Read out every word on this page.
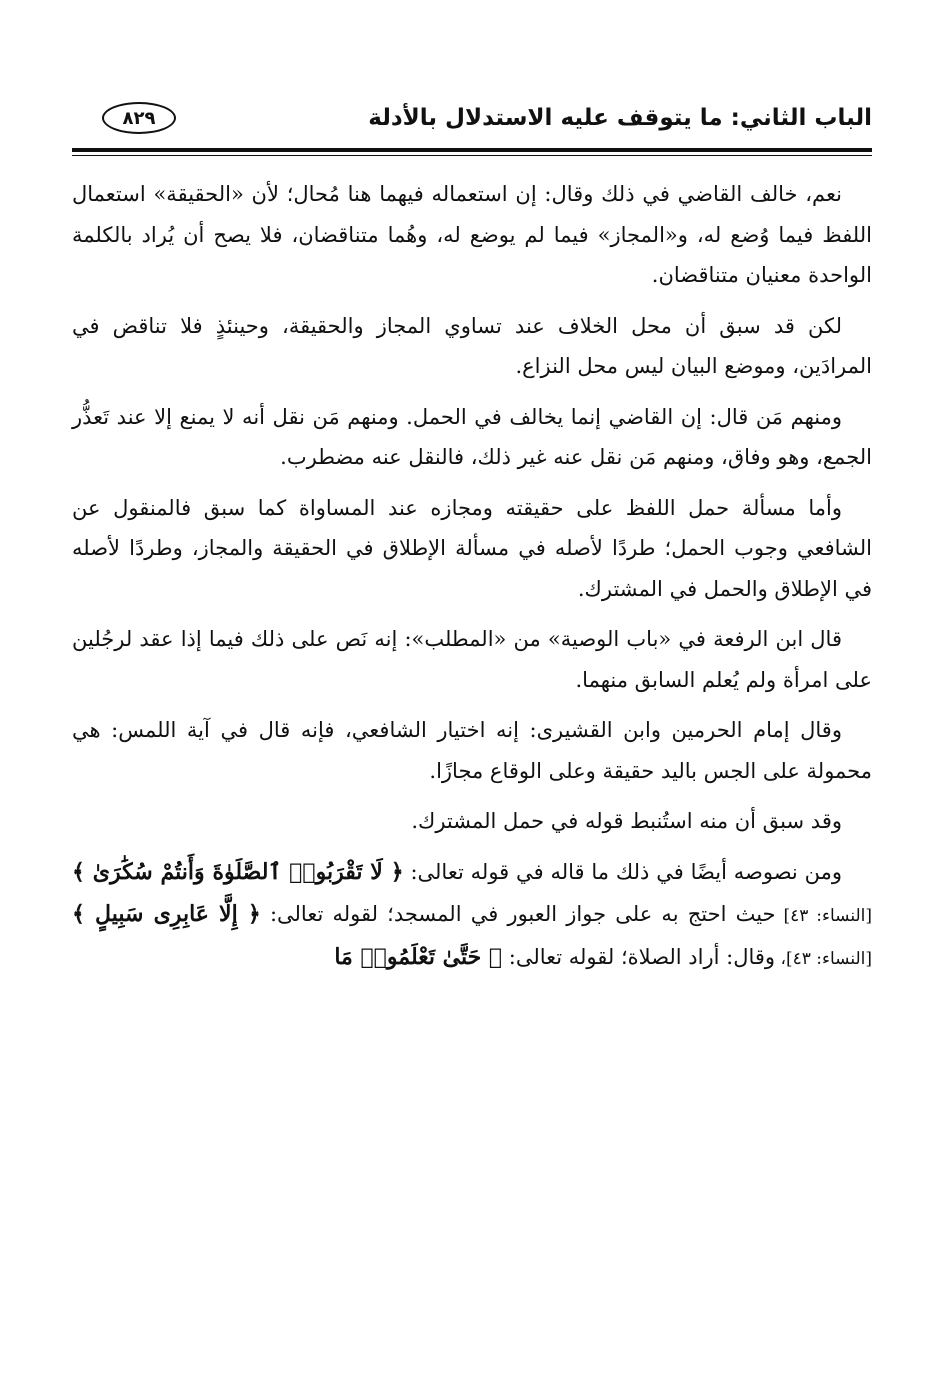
الباب الثاني: ما يتوقف عليه الاستدلال بالأدلة
٨٢٩

نعم، خالف القاضي في ذلك وقال: إن استعماله فيهما هنا مُحال؛ لأن «الحقيقة» استعمال اللفظ فيما وُضع له، و«المجاز» فيما لم يوضع له، وهُما متناقضان، فلا يصح أن يُراد بالكلمة الواحدة معنيان متناقضان.

لكن قد سبق أن محل الخلاف عند تساوي المجاز والحقيقة، وحينئذٍ فلا تناقض في المرادَين، وموضع البيان ليس محل النزاع.

ومنهم مَن قال: إن القاضي إنما يخالف في الحمل. ومنهم مَن نقل أنه لا يمنع إلا عند تَعذُّر الجمع، وهو وفاق، ومنهم مَن نقل عنه غير ذلك، فالنقل عنه مضطرب.

وأما مسألة حمل اللفظ على حقيقته ومجازه عند المساواة كما سبق فالمنقول عن الشافعي وجوب الحمل؛ طردًا لأصله في مسألة الإطلاق في الحقيقة والمجاز، وطردًا لأصله في الإطلاق والحمل في المشترك.

قال ابن الرفعة في «باب الوصية» من «المطلب»: إنه نَص على ذلك فيما إذا عقد لرجُلين على امرأة ولم يُعلم السابق منهما.

وقال إمام الحرمين وابن القشيرى: إنه اختيار الشافعي، فإنه قال في آية اللمس: هي محمولة على الجس باليد حقيقة وعلى الوقاع مجازًا.

وقد سبق أن منه استُنبط قوله في حمل المشترك.

ومن نصوصه أيضًا في ذلك ما قاله في قوله تعالى: ﴿ لَا تَقْرَبُوا۟ ٱلصَّلَوٰةَ وَأَنتُمْ سُكَٰرَىٰ ﴾ [النساء: ٤٣] حيث احتج به على جواز العبور في المسجد؛ لقوله تعالى: ﴿ إِلَّا عَابِرِى سَبِيلٍ ﴾ [النساء: ٤٣]، وقال: أراد الصلاة؛ لقوله تعالى: ﴿ حَتَّىٰ تَعْلَمُوا۟ مَا
